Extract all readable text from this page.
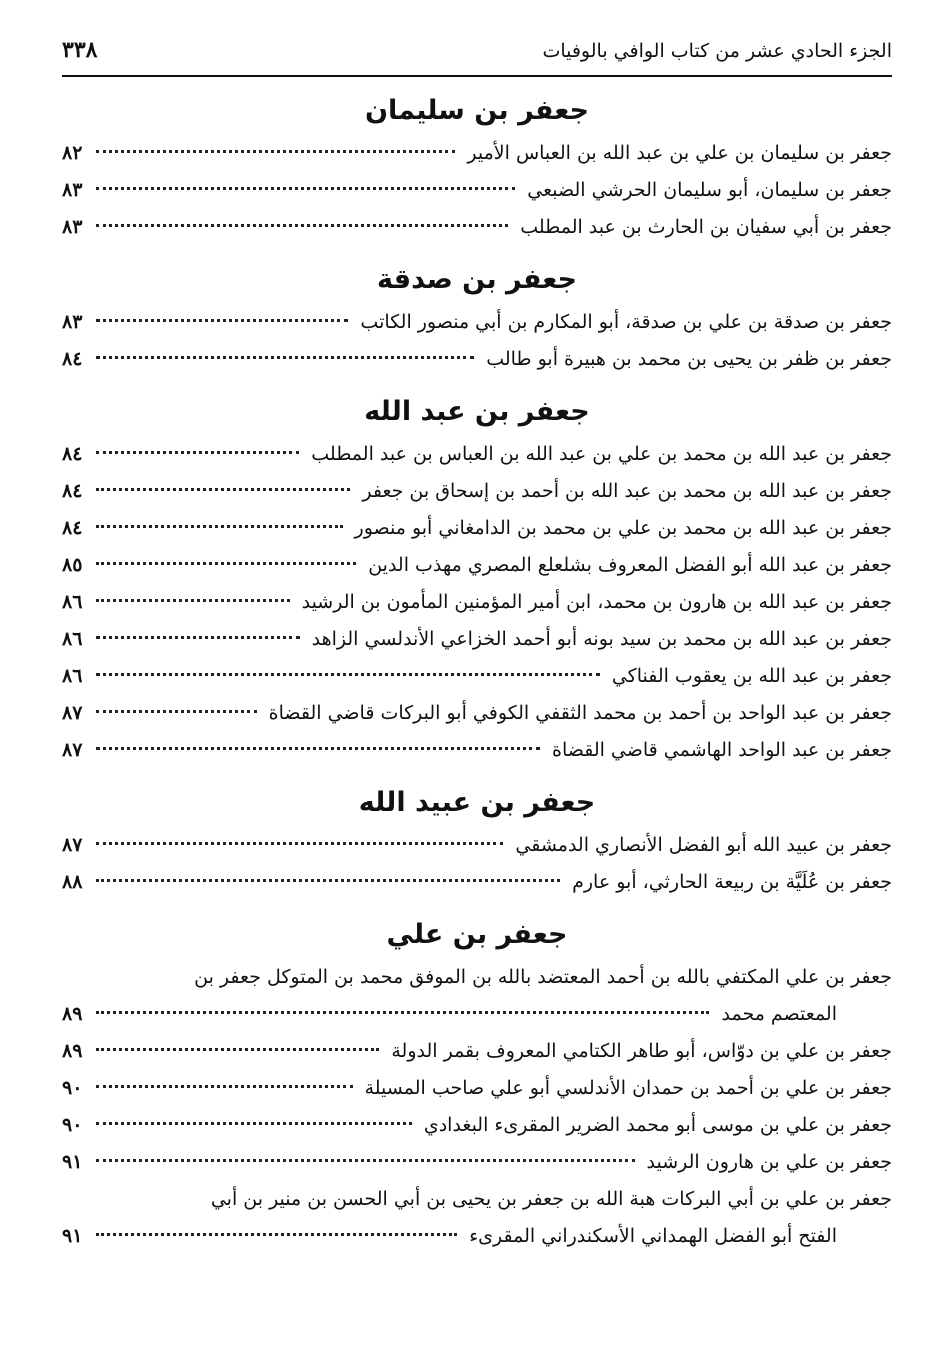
الجزء الحادي عشر من كتاب الوافي بالوفيات
٣٣٨
جعفر بن سليمان
جعفر بن سليمان بن علي بن عبد الله بن العباس الأمير
٨٢
جعفر بن سليمان، أبو سليمان الحرشي الضبعي
٨٣
جعفر بن أبي سفيان بن الحارث بن عبد المطلب
٨٣
جعفر بن صدقة
جعفر بن صدقة بن علي بن صدقة، أبو المكارم بن أبي منصور الكاتب
٨٣
جعفر بن ظفر بن يحيى بن محمد بن هبيرة أبو طالب
٨٤
جعفر بن عبد الله
جعفر بن عبد الله بن محمد بن علي بن عبد الله بن العباس بن عبد المطلب
٨٤
جعفر بن عبد الله بن محمد بن عبد الله بن أحمد بن إسحاق بن جعفر
٨٤
جعفر بن عبد الله بن محمد بن علي بن محمد بن الدامغاني أبو منصور
٨٤
جعفر بن عبد الله أبو الفضل المعروف بشلعلع المصري مهذب الدين
٨٥
جعفر بن عبد الله بن هارون بن محمد، ابن أمير المؤمنين المأمون بن الرشيد
٨٦
جعفر بن عبد الله بن محمد بن سيد بونه أبو أحمد الخزاعي الأندلسي الزاهد
٨٦
جعفر بن عبد الله بن يعقوب الفناكي
٨٦
جعفر بن عبد الواحد بن أحمد بن محمد الثقفي الكوفي أبو البركات قاضي القضاة
٨٧
جعفر بن عبد الواحد الهاشمي قاضي القضاة
٨٧
جعفر بن عبيد الله
جعفر بن عبيد الله أبو الفضل الأنصاري الدمشقي
٨٧
جعفر بن عُلَيَّة بن ربيعة الحارثي، أبو عارم
٨٨
جعفر بن علي
جعفر بن علي المكتفي بالله بن أحمد المعتضد بالله بن الموفق محمد بن المتوكل جعفر بن
المعتصم محمد
٨٩
جعفر بن علي بن دوّاس، أبو طاهر الكتامي المعروف بقمر الدولة
٨٩
جعفر بن علي بن أحمد بن حمدان الأندلسي أبو علي صاحب المسيلة
٩٠
جعفر بن علي بن موسى أبو محمد الضرير المقرىء البغدادي
٩٠
جعفر بن علي بن هارون الرشيد
٩١
جعفر بن علي بن أبي البركات هبة الله بن جعفر بن يحيى بن أبي الحسن بن منير بن أبي
الفتح أبو الفضل الهمداني الأسكندراني المقرىء
٩١
